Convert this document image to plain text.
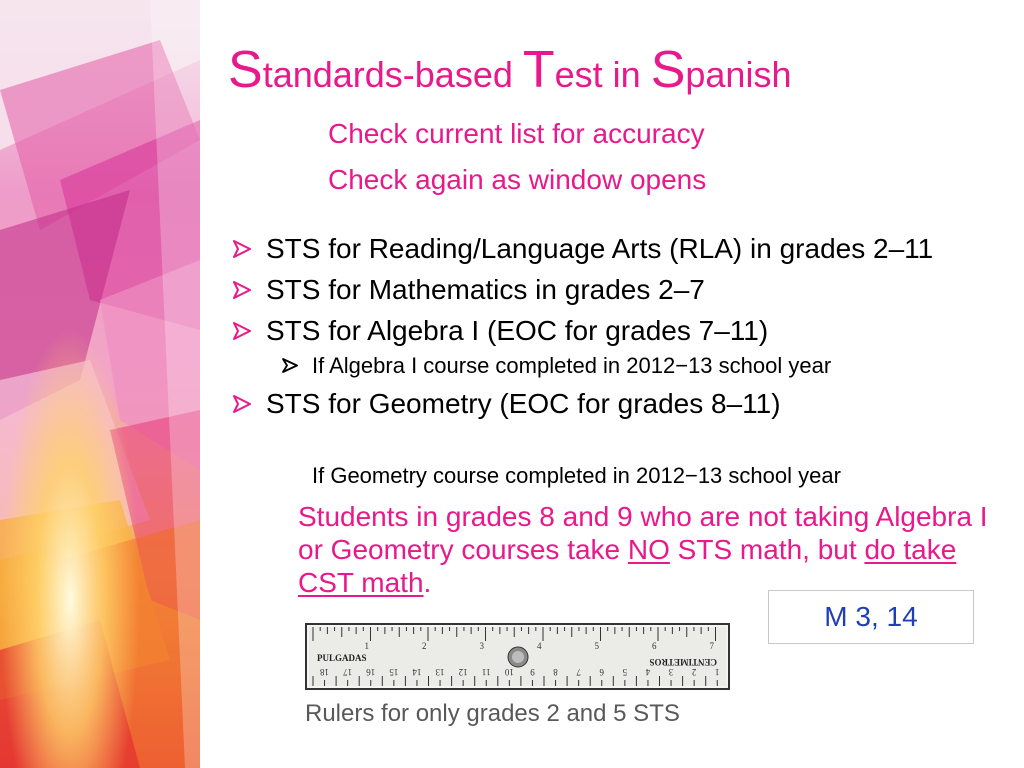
Standards-based Test in Spanish
Check current list for accuracy
Check again as window opens
STS for Reading/Language Arts (RLA) in grades 2–11
STS for Mathematics in grades 2–7
STS for Algebra I (EOC for grades 7–11)
If Algebra I course completed in 2012−13 school year
STS for Geometry (EOC for grades 8–11)
If Geometry course completed in 2012−13 school year

Students in grades 8 and 9 who are not taking Algebra I or Geometry courses take NO STS math, but do take CST math.

M 3, 14
1	2	3	4	5	6	7
18 17 16 15 14 13 12 11 10 9 8 7 6 5 4 3 2 1
PULGADAS	CENTIMETROS
Rulers for only grades 2 and 5 STS
